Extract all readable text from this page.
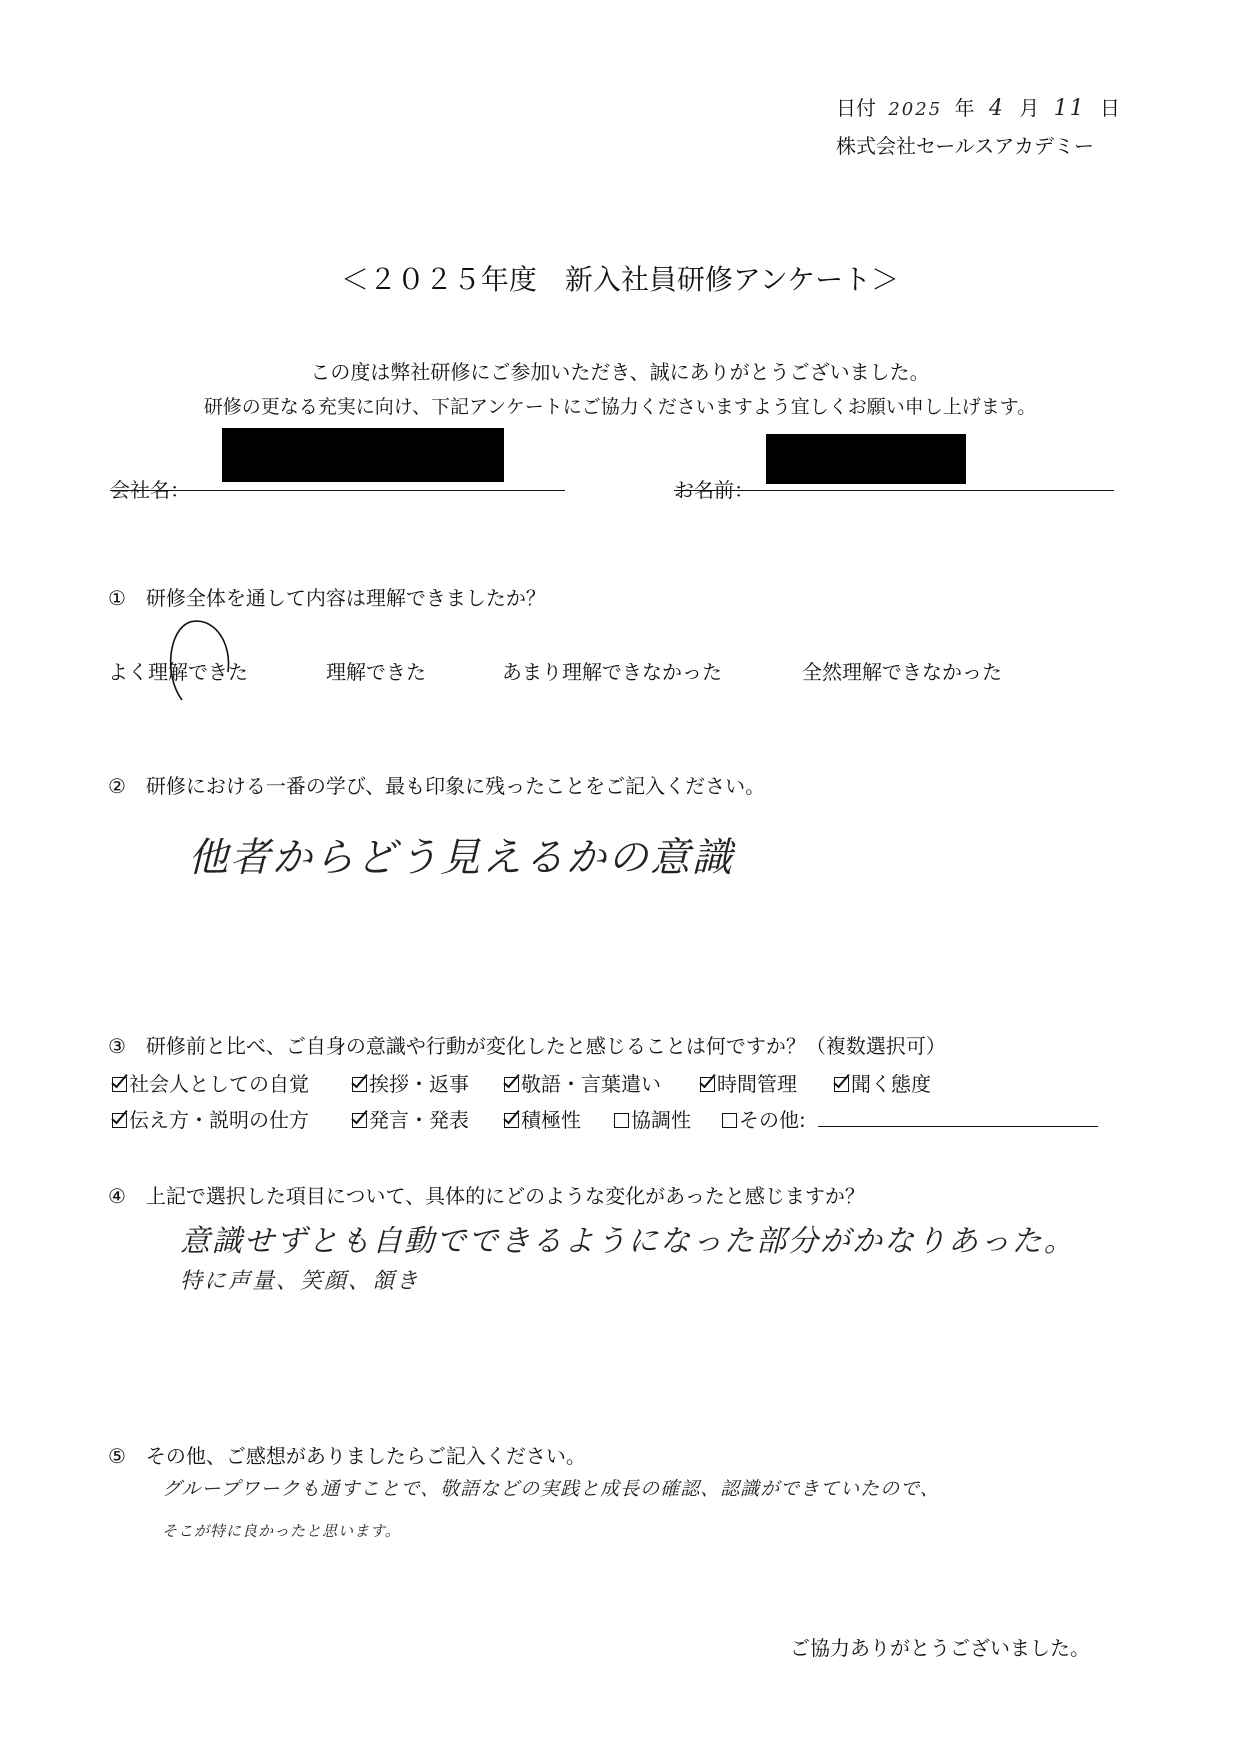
日付 2025 年 4 月 11 日
株式会社セールスアカデミー
＜２０２５年度　新入社員研修アンケート＞
この度は弊社研修にご参加いただき、誠にありがとうございました。
研修の更なる充実に向け、下記アンケートにご協力くださいますよう宜しくお願い申し上げます。
会社名：	お名前：
①　研修全体を通して内容は理解できましたか？
よく理解できた	理解できた	あまり理解できなかった	全然理解できなかった
②　研修における一番の学び、最も印象に残ったことをご記入ください。
他者からどう見えるかの意識
③　研修前と比べ、ご自身の意識や行動が変化したと感じることは何ですか？（複数選択可）
社会人としての自覚	挨拶・返事	敬語・言葉遣い	時間管理	聞く態度
伝え方・説明の仕方	発言・発表	積極性	協調性	その他:
④　上記で選択した項目について、具体的にどのような変化があったと感じますか？
意識せずとも自動でできるようになった部分がかなりあった。
特に声量、笑顔、頷き
⑤　その他、ご感想がありましたらご記入ください。
グループワークも通すことで、敬語などの実践と成長の確認、認識ができていたので、
そこが特に良かったと思います。
ご協力ありがとうございました。
